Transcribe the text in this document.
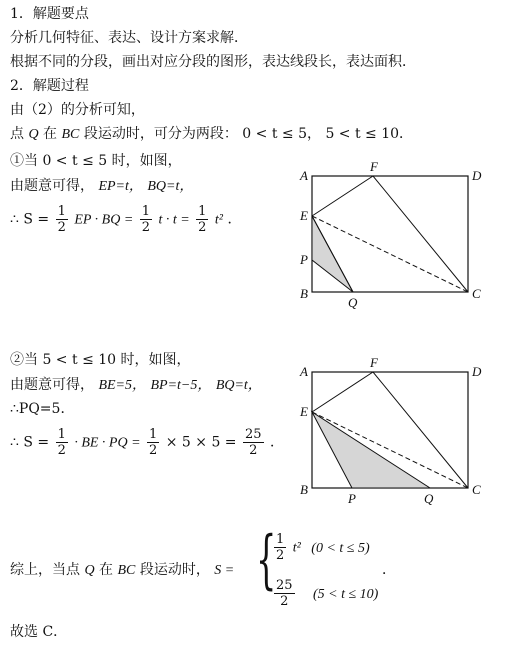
1．解题要点
分析几何特征、表达、设计方案求解．
根据不同的分段，画出对应分段的图形，表达线段长，表达面积．
2．解题过程
由（2）的分析可知，
点 Q 在 BC 段运动时，可分为两段： 0 < t ≤ 5， 5 < t ≤ 10．
①当 0 < t ≤ 5 时，如图，
由题意可得， EP=t， BQ=t，
∴ $S = \frac{1}{2}$ EP · BQ = $\frac{1}{2}$ $t \cdot t = \frac{1}{2} t^2$ ．
A
F
D
E
P
B
Q
C
②当 5 < t ≤ 10 时，如图，
由题意可得， BE=5， BP=t−5， BQ=t，
∴PQ=5．
∴ $S = \frac{1}{2}$ · BE · PQ = $\frac{1}{2} \times 5 \times 5 = \frac{25}{2}$ ．
A
F
D
E
B
P	Q
C
综上，当点 Q 在 BC 段运动时， S = {
$\frac{1}{2} t^2$ (0 < t ≤ 5)
$\frac{25}{2} (5 < t \le 10)$
．
故选 C．
